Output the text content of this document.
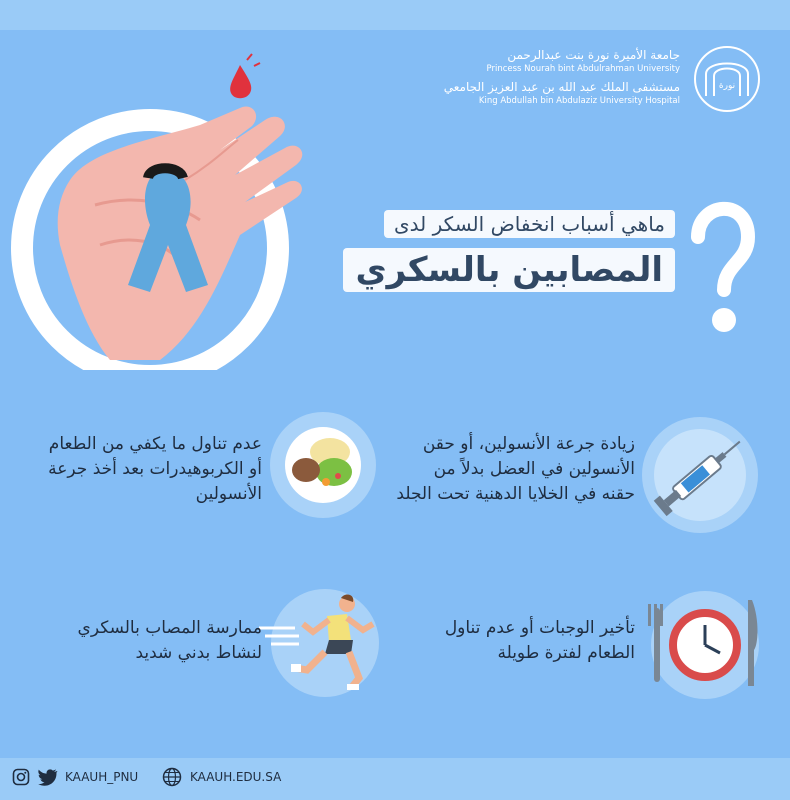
جامعة الأميرة نورة بنت عبدالرحمن
Princess Nourah bint Abdulrahman University
مستشفى الملك عبد الله بن عبد العزيز الجامعي
King Abdullah bin Abdulaziz University Hospital
نورة
ماهي أسباب انخفاض السكر لدى
المصابين بالسكري
زيادة جرعة الأنسولين، أو حقن الأنسولين في العضل بدلاً من حقنه في الخلايا الدهنية تحت الجلد
عدم تناول ما يكفي من الطعام أو الكربوهيدرات بعد أخذ جرعة الأنسولين
تأخير الوجبات أو عدم تناول الطعام لفترة طويلة
ممارسة المصاب بالسكري لنشاط بدني شديد
KAAUH_PNU	KAAUH.EDU.SA
